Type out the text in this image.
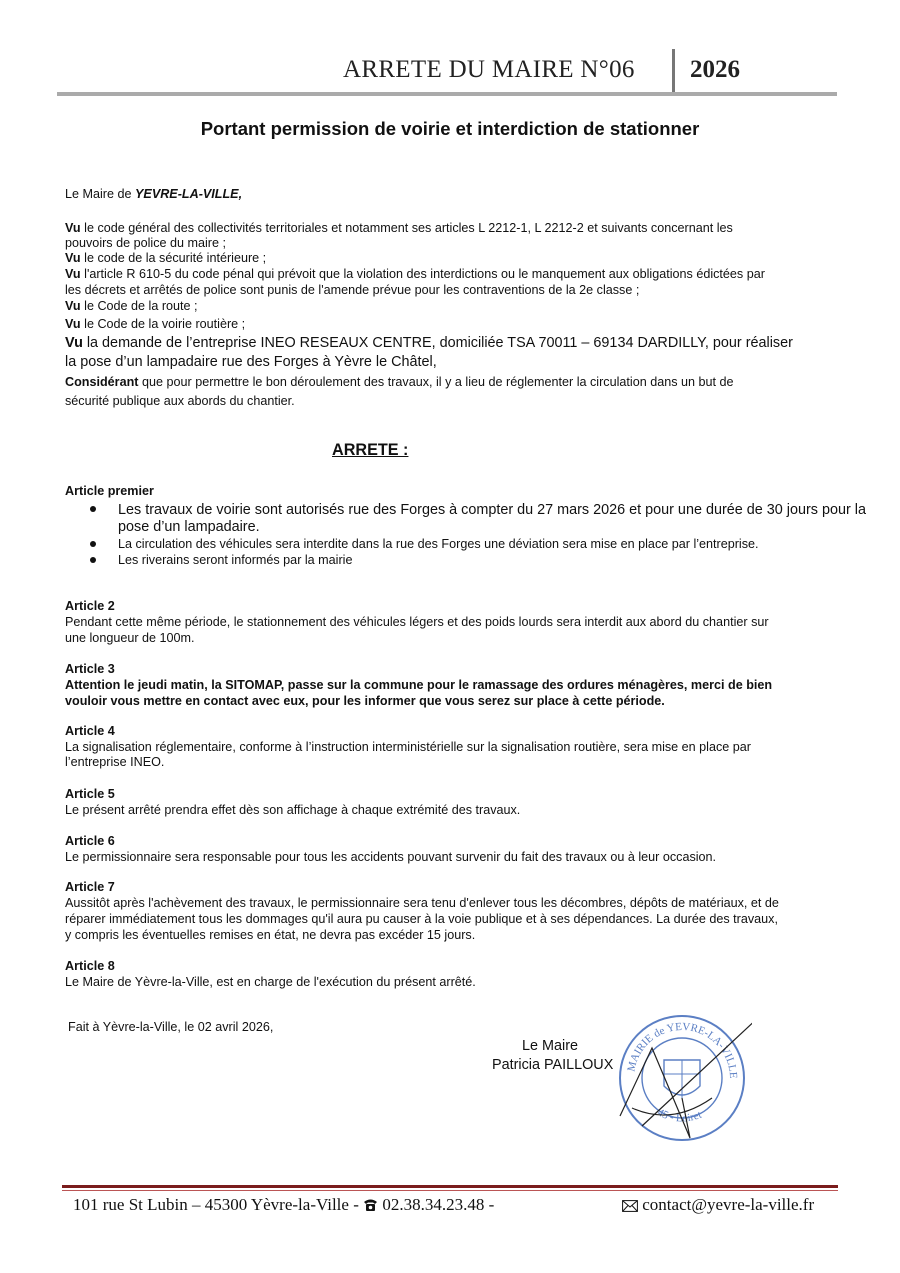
ARRETE DU MAIRE N°06 2026
Portant permission de voirie et interdiction de stationner
Le Maire de YEVRE-LA-VILLE,
Vu le code général des collectivités territoriales et notamment ses articles L 2212-1, L 2212-2 et suivants concernant les
pouvoirs de police du maire ;
Vu le code de la sécurité intérieure ;
Vu l'article R 610-5 du code pénal qui prévoit que la violation des interdictions ou le manquement aux obligations édictées par
les décrets et arrêtés de police sont punis de l'amende prévue pour les contraventions de la 2e classe ;
Vu le Code de la route ;
Vu le Code de la voirie routière ;
Vu la demande de l’entreprise INEO RESEAUX CENTRE, domiciliée TSA 70011 – 69134 DARDILLY, pour réaliser
la pose d’un lampadaire rue des Forges à Yèvre le Châtel,
Considérant que pour permettre le bon déroulement des travaux, il y a lieu de réglementer la circulation dans un but de
sécurité publique aux abords du chantier.
ARRETE :
Article premier
Les travaux de voirie sont autorisés rue des Forges à compter du 27 mars 2026 et pour une durée de 30 jours pour la
pose d’un lampadaire.
La circulation des véhicules sera interdite dans la rue des Forges une déviation sera mise en place par l’entreprise.
Les riverains seront informés par la mairie
Article 2
Pendant cette même période, le stationnement des véhicules légers et des poids lourds sera interdit aux abord du chantier sur
une longueur de 100m.
Article 3
Attention le jeudi matin, la SITOMAP, passe sur la commune pour le ramassage des ordures ménagères, merci de bien
vouloir vous mettre en contact avec eux, pour les informer que vous serez sur place à cette période.
Article 4
La signalisation réglementaire, conforme à l’instruction interministérielle sur la signalisation routière, sera mise en place par
l’entreprise INEO.
Article 5
Le présent arrêté prendra effet dès son affichage à chaque extrémité des travaux.
Article 6
Le permissionnaire sera responsable pour tous les accidents pouvant survenir du fait des travaux ou à leur occasion.
Article 7
Aussitôt après l'achèvement des travaux, le permissionnaire sera tenu d'enlever tous les décombres, dépôts de matériaux, et de
réparer immédiatement tous les dommages qu'il aura pu causer à la voie publique et à ses dépendances. La durée des travaux,
y compris les éventuelles remises en état, ne devra pas excéder 15 jours.
Article 8
Le Maire de Yèvre-la-Ville, est en charge de l'exécution du présent arrêté.
Fait à Yèvre-la-Ville, le 02 avril 2026,
MAIRIE de YEVRE-LA-VILLE
45 - Loiret
Le Maire
Patricia PAILLOUX
101 rue St Lubin – 45300 Yèvre-la-Ville -  02.38.34.23.48 -	contact@yevre-la-ville.fr
